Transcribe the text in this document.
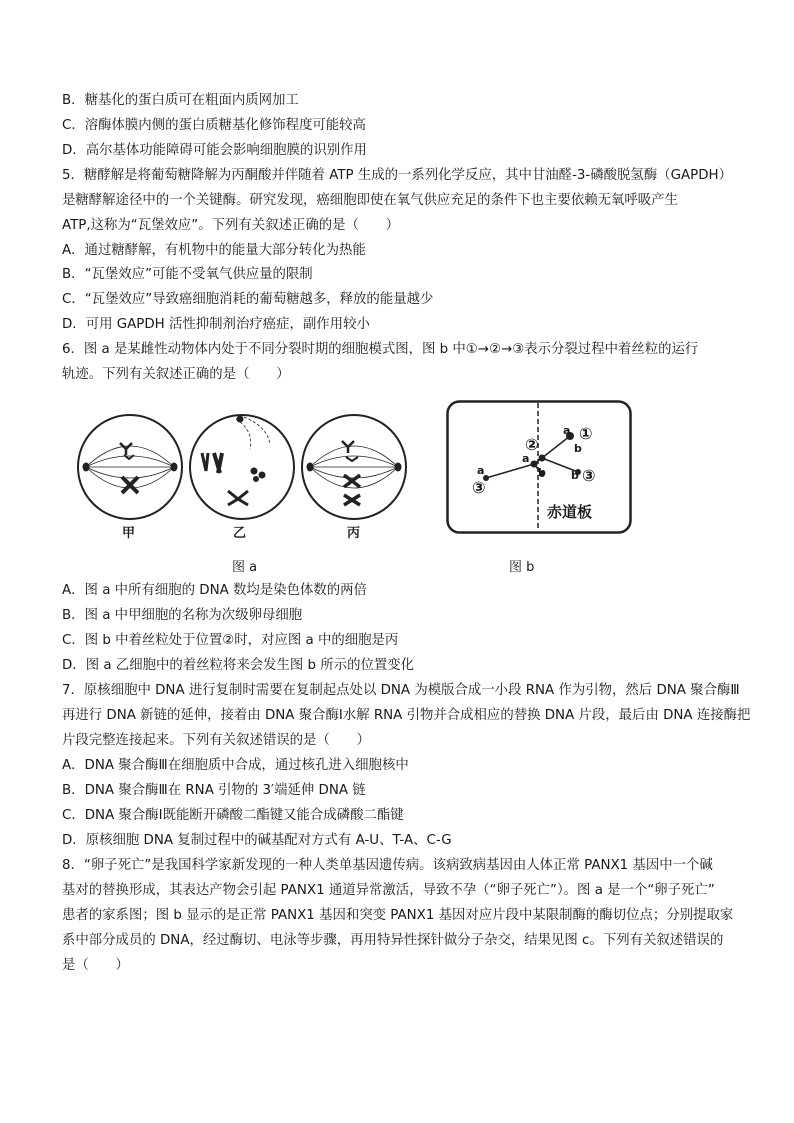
B．糖基化的蛋白质可在粗面内质网加工
C．溶酶体膜内侧的蛋白质糖基化修饰程度可能较高
D．高尔基体功能障碍可能会影响细胞膜的识别作用
5．糖酵解是将葡萄糖降解为丙酮酸并伴随着 ATP 生成的一系列化学反应，其中甘油醛-3-磷酸脱氢酶（GAPDH）
是糖酵解途径中的一个关键酶。研究发现，癌细胞即使在氧气供应充足的条件下也主要依赖无氧呼吸产生
ATP,这称为“瓦堡效应”。下列有关叙述正确的是（　　）
A．通过糖酵解，有机物中的能量大部分转化为热能
B．“瓦堡效应”可能不受氧气供应量的限制
C．“瓦堡效应”导致癌细胞消耗的葡萄糖越多，释放的能量越少
D．可用 GAPDH 活性抑制剂治疗癌症，副作用较小
6．图 a 是某雌性动物体内处于不同分裂时期的细胞模式图，图 b 中①→②→③表示分裂过程中着丝粒的运行
轨迹。下列有关叙述正确的是（　　）
甲	乙	丙
图 a
①
②
③
③
a
b
a
b
a	b
赤道板
图 b
A．图 a 中所有细胞的 DNA 数均是染色体数的两倍
B．图 a 中甲细胞的名称为次级卵母细胞
C．图 b 中着丝粒处于位置②时，对应图 a 中的细胞是丙
D．图 a 乙细胞中的着丝粒将来会发生图 b 所示的位置变化
7．原核细胞中 DNA 进行复制时需要在复制起点处以 DNA 为模版合成一小段 RNA 作为引物，然后 DNA 聚合酶Ⅲ
再进行 DNA 新链的延伸，接着由 DNA 聚合酶Ⅰ水解 RNA 引物并合成相应的替换 DNA 片段，最后由 DNA 连接酶把
片段完整连接起来。下列有关叙述错误的是（　　）
A．DNA 聚合酶Ⅲ在细胞质中合成，通过核孔进入细胞核中
B．DNA 聚合酶Ⅲ在 RNA 引物的 3′端延伸 DNA 链
C．DNA 聚合酶Ⅰ既能断开磷酸二酯键又能合成磷酸二酯键
D．原核细胞 DNA 复制过程中的碱基配对方式有 A-U、T-A、C-G
8．“卵子死亡”是我国科学家新发现的一种人类单基因遗传病。该病致病基因由人体正常 PANX1 基因中一个碱
基对的替换形成，其表达产物会引起 PANX1 通道异常激活，导致不孕（“卵子死亡”）。图 a 是一个“卵子死亡”
患者的家系图；图 b 显示的是正常 PANX1 基因和突变 PANX1 基因对应片段中某限制酶的酶切位点；分别提取家
系中部分成员的 DNA，经过酶切、电泳等步骤，再用特异性探针做分子杂交，结果见图 c。下列有关叙述错误的
是（　　）
